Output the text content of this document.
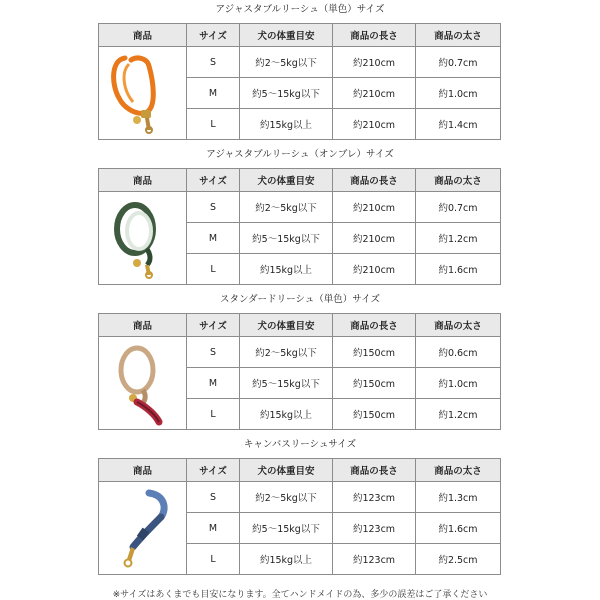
アジャスタブルリーシュ（単色）サイズ
商品	サイズ	犬の体重目安	商品の長さ	商品の太さ

	S	約2〜5kg以下	約210cm	約0.7cm
	M	約5〜15kg以下	約210cm	約1.0cm
	L	約15kg以上	約210cm	約1.4cm
アジャスタブルリーシュ（オンブレ）サイズ
商品	サイズ	犬の体重目安	商品の長さ	商品の太さ

	S	約2〜5kg以下	約210cm	約0.7cm
	M	約5〜15kg以下	約210cm	約1.2cm
	L	約15kg以上	約210cm	約1.6cm
スタンダードリーシュ（単色）サイズ
商品	サイズ	犬の体重目安	商品の長さ	商品の太さ

	S	約2〜5kg以下	約150cm	約0.6cm
	M	約5〜15kg以下	約150cm	約1.0cm
	L	約15kg以上	約150cm	約1.2cm
キャンバスリーシュサイズ
商品	サイズ	犬の体重目安	商品の長さ	商品の太さ

	S	約2〜5kg以下	約123cm	約1.3cm
	M	約5〜15kg以下	約123cm	約1.6cm
	L	約15kg以上	約123cm	約2.5cm
※サイズはあくまでも目安になります。全てハンドメイドの為、多少の誤差はご了承ください
